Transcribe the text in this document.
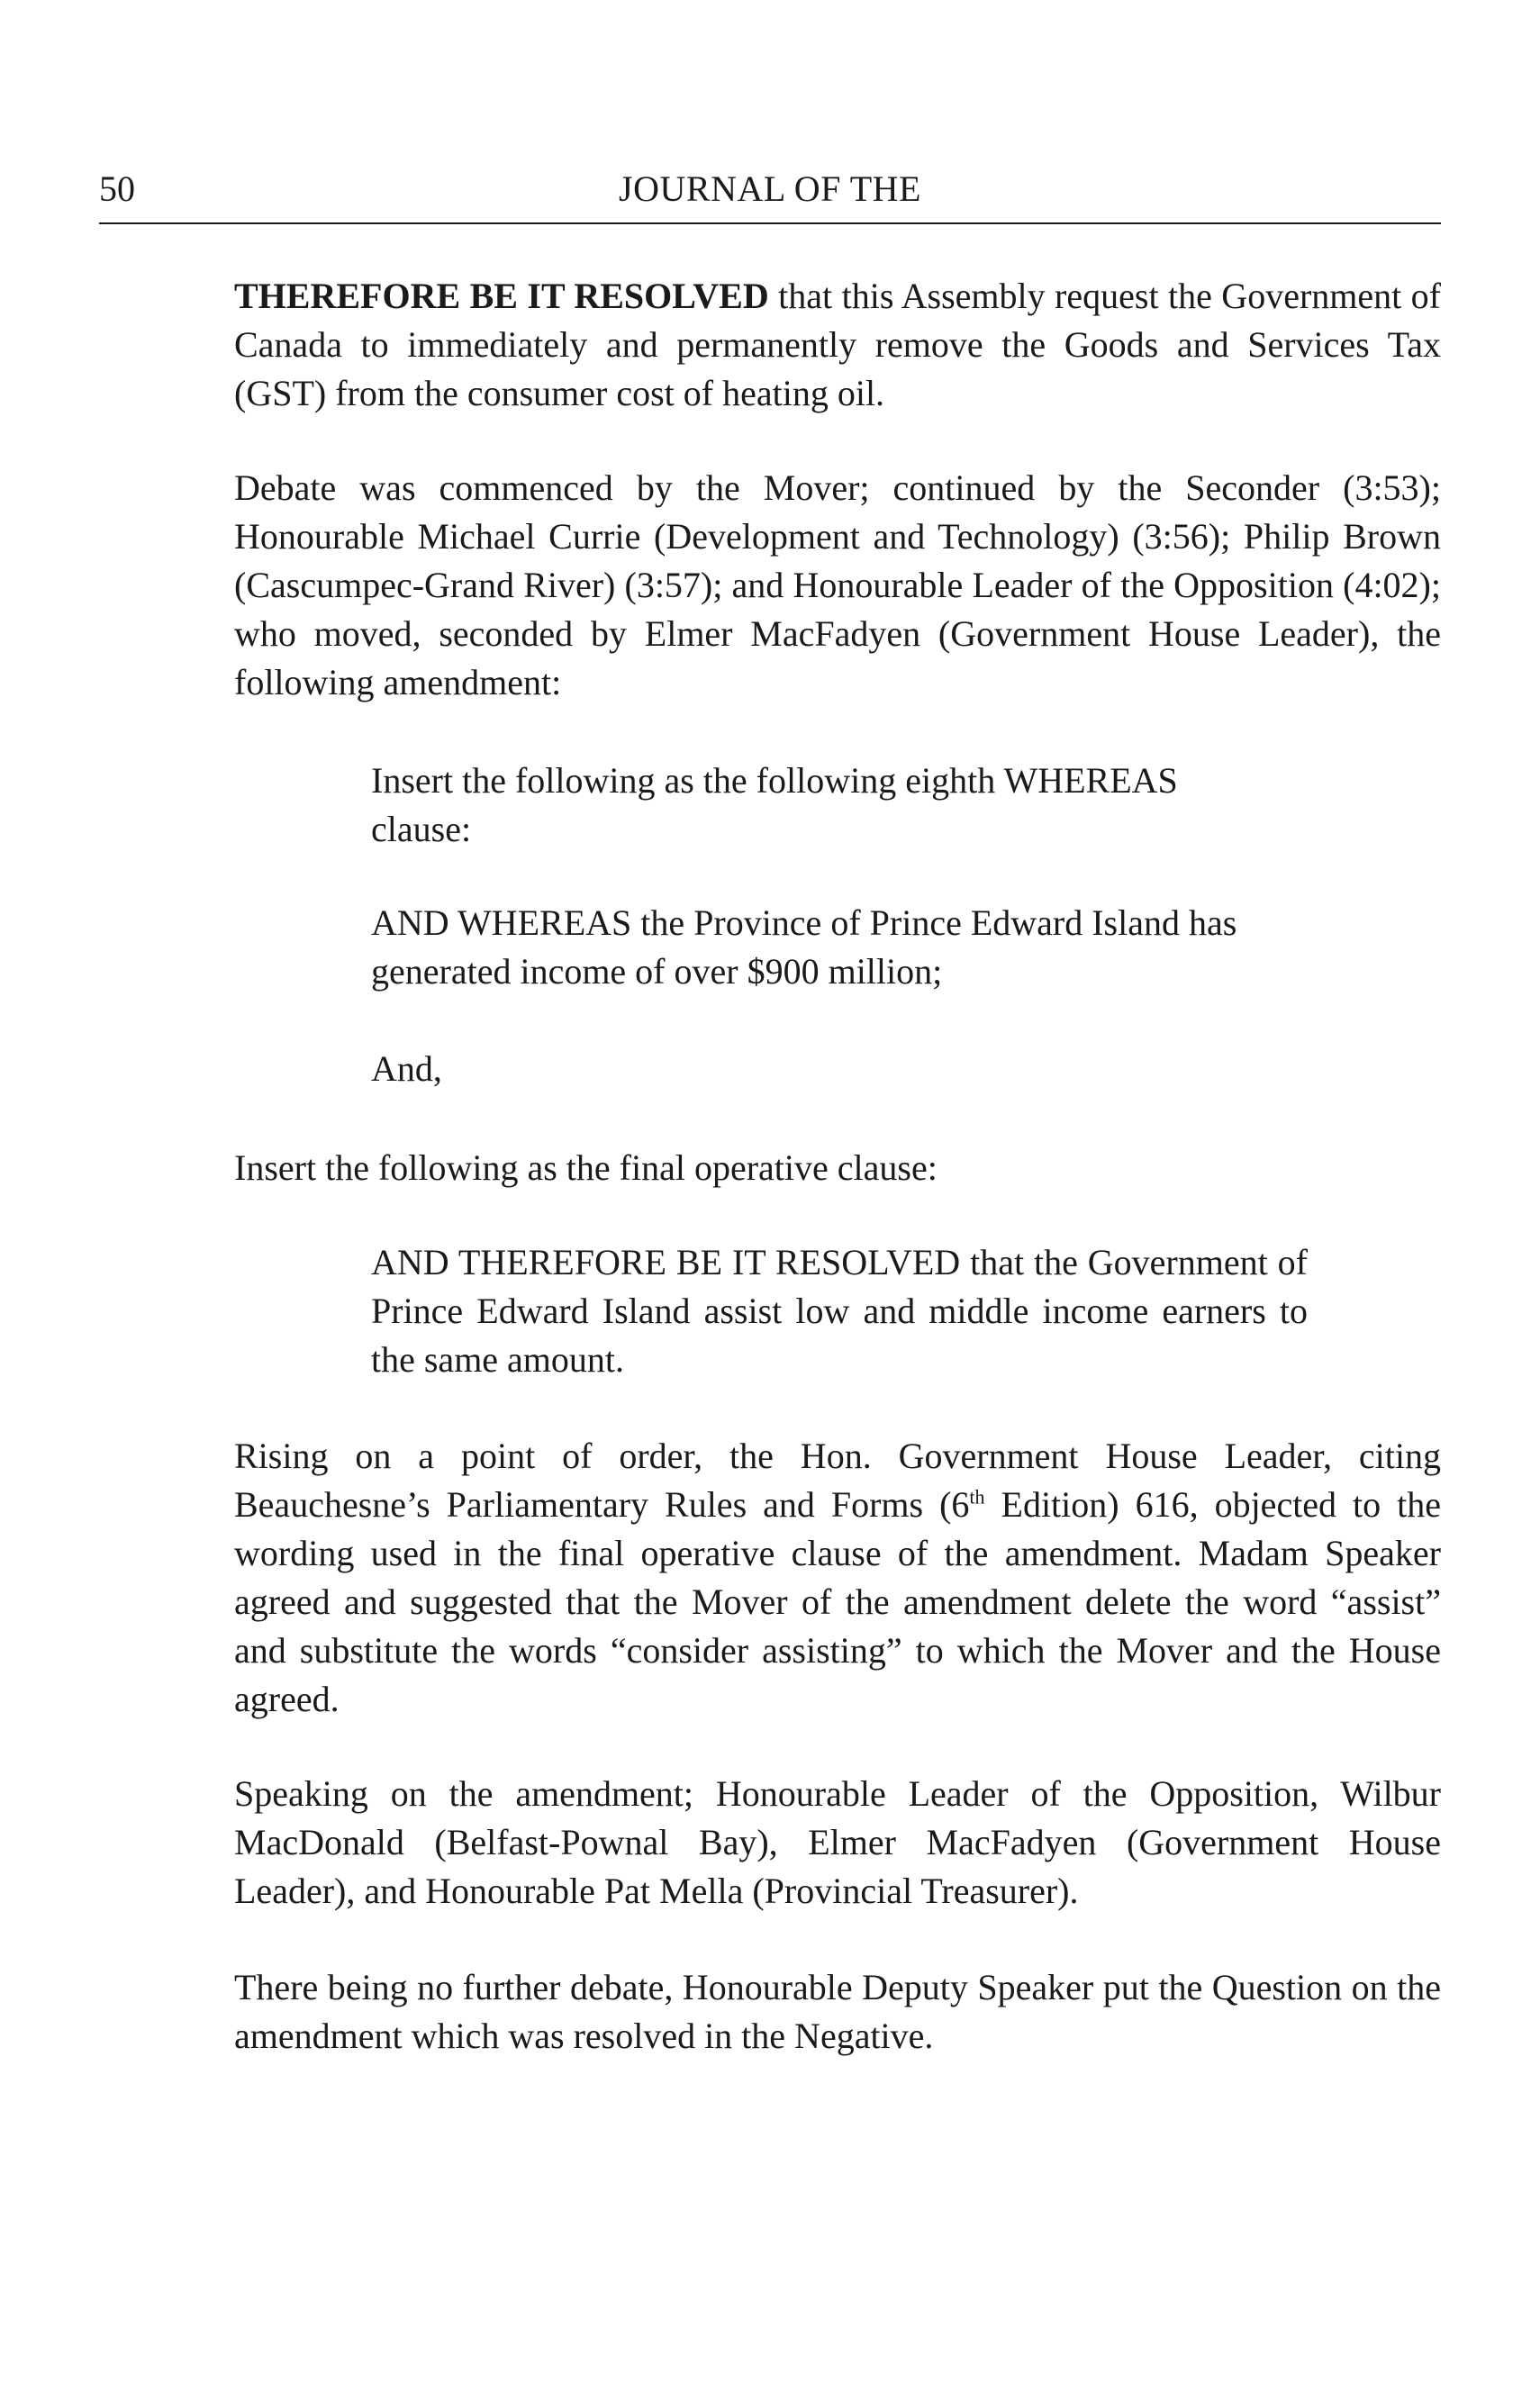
50	JOURNAL OF THE

THEREFORE BE IT RESOLVED that this Assembly request the Government of Canada to immediately and permanently remove the Goods and Services Tax (GST) from the consumer cost of heating oil.

Debate was commenced by the Mover; continued by the Seconder (3:53); Honourable Michael Currie (Development and Technology) (3:56); Philip Brown (Cascumpec-Grand River) (3:57); and Honourable Leader of the Opposition (4:02); who moved, seconded by Elmer MacFadyen (Government House Leader), the following amendment:

Insert the following as the following eighth WHEREAS clause:

AND WHEREAS the Province of Prince Edward Island has generated income of over $900 million;

And,

Insert the following as the final operative clause:

AND THEREFORE BE IT RESOLVED that the Government of Prince Edward Island assist low and middle income earners to the same amount.

Rising on a point of order, the Hon. Government House Leader, citing Beauchesne’s Parliamentary Rules and Forms (6th Edition) 616, objected to the wording used in the final operative clause of the amendment. Madam Speaker agreed and suggested that the Mover of the amendment delete the word “assist” and substitute the words “consider assisting” to which the Mover and the House agreed.

Speaking on the amendment; Honourable Leader of the Opposition, Wilbur MacDonald (Belfast-Pownal Bay), Elmer MacFadyen (Government House Leader), and Honourable Pat Mella (Provincial Treasurer).

There being no further debate, Honourable Deputy Speaker put the Question on the amendment which was resolved in the Negative.
